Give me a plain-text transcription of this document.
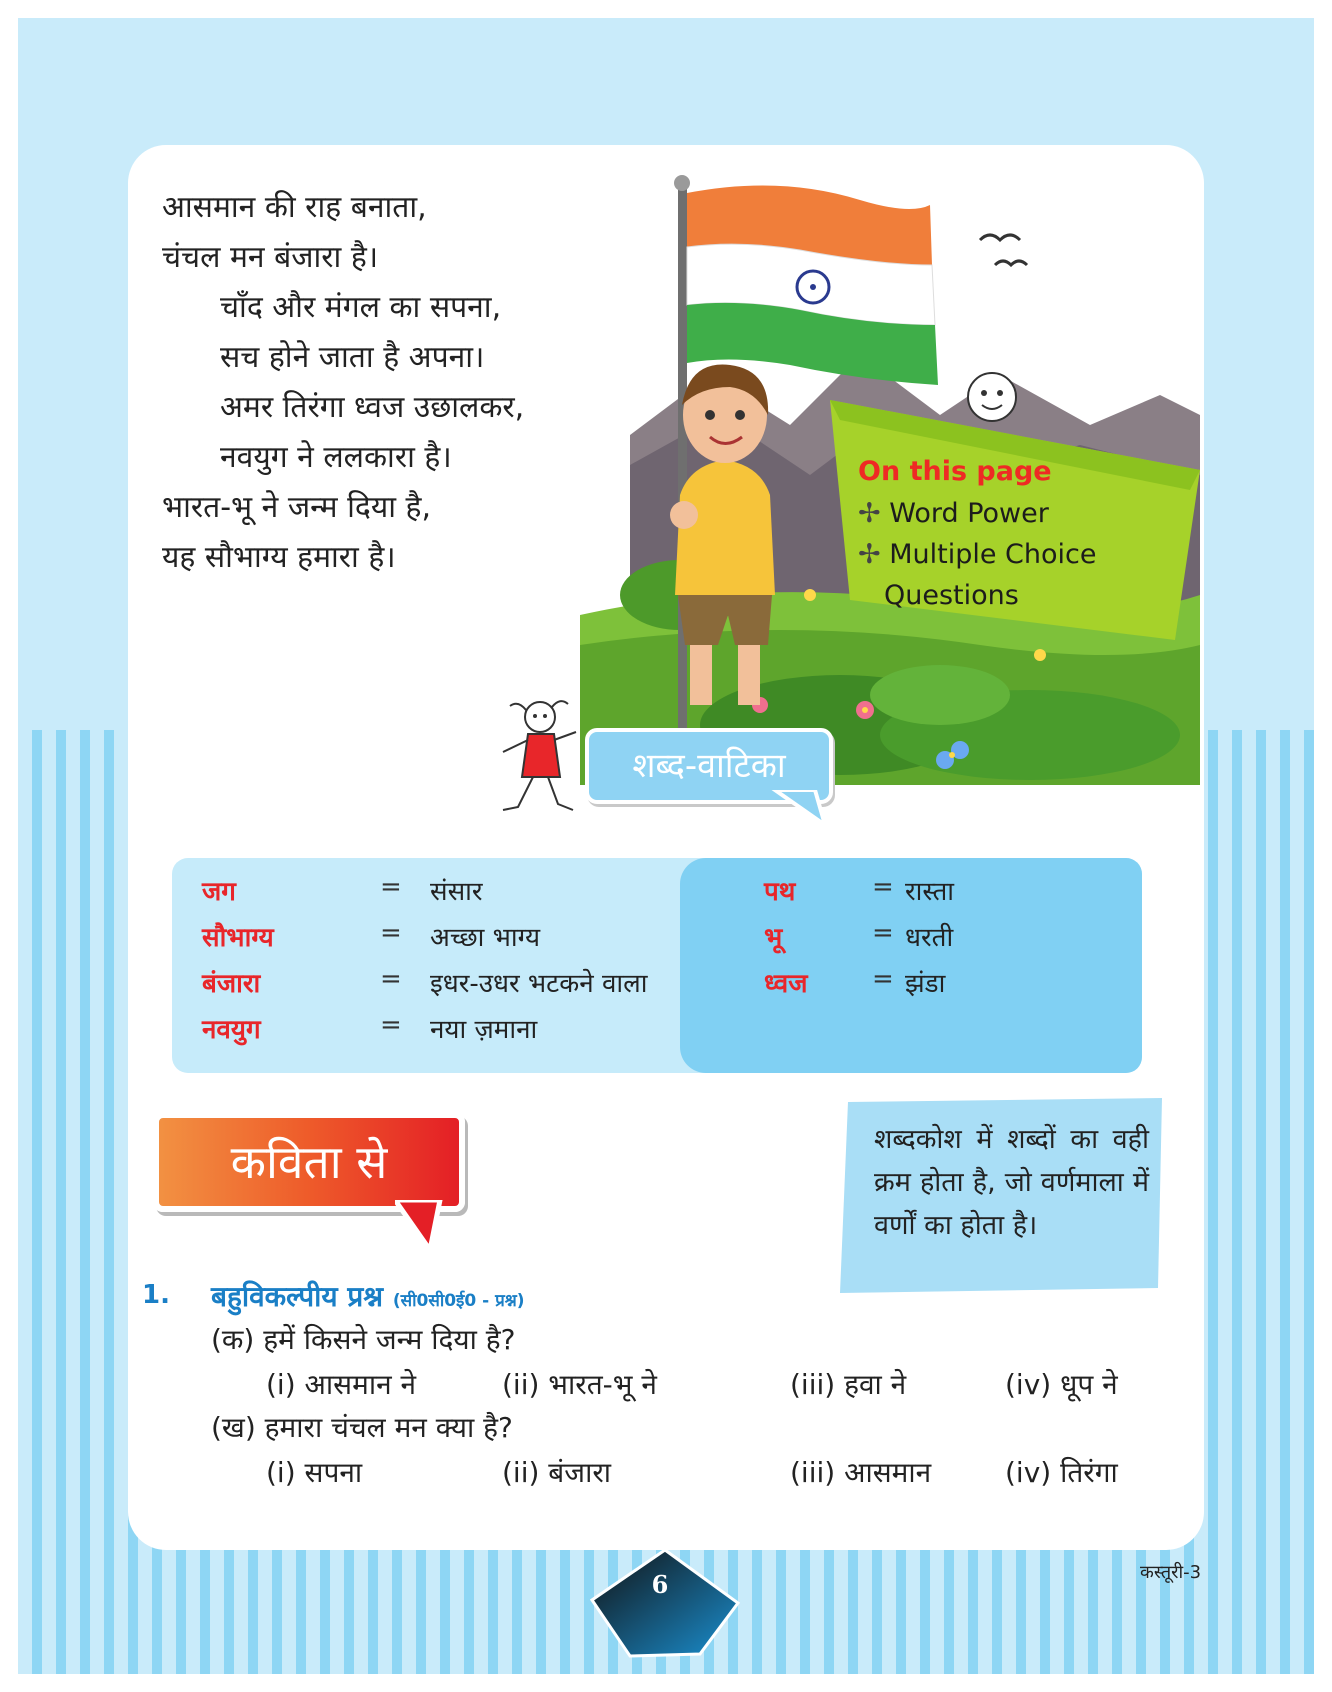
आसमान की राह बनाता,
चंचल मन बंजारा है।
चाँद और मंगल का सपना,
सच होने जाता है अपना।
अमर तिरंगा ध्वज उछालकर,
नवयुग ने ललकारा है।
भारत-भू ने जन्म दिया है,
यह सौभाग्य हमारा है।
On this page
✢ Word Power
✢ Multiple Choice
Questions
शब्द-वाटिका
जग	= संसार
सौभाग्य	= अच्छा भाग्य
बंजारा	= इधर-उधर भटकने वाला
नवयुग	= नया ज़माना
पथ	= रास्ता
भू	= धरती
ध्वज = झंडा
कविता से	शब्दकोश में शब्दों का वही क्रम होता है, जो वर्णमाला में वर्णों का होता है।
1. बहुविकल्पीय प्रश्न (सी0सी0ई0 - प्रश्न)
(क) हमें किसने जन्म दिया है?
(i) आसमान ने	(ii) भारत-भू ने	(iii) हवा ने	(iv) धूप ने
(ख) हमारा चंचल मन क्या है?
(i) सपना	(ii) बंजारा	(iii) आसमान	(iv) तिरंगा
6	कस्तूरी-3
